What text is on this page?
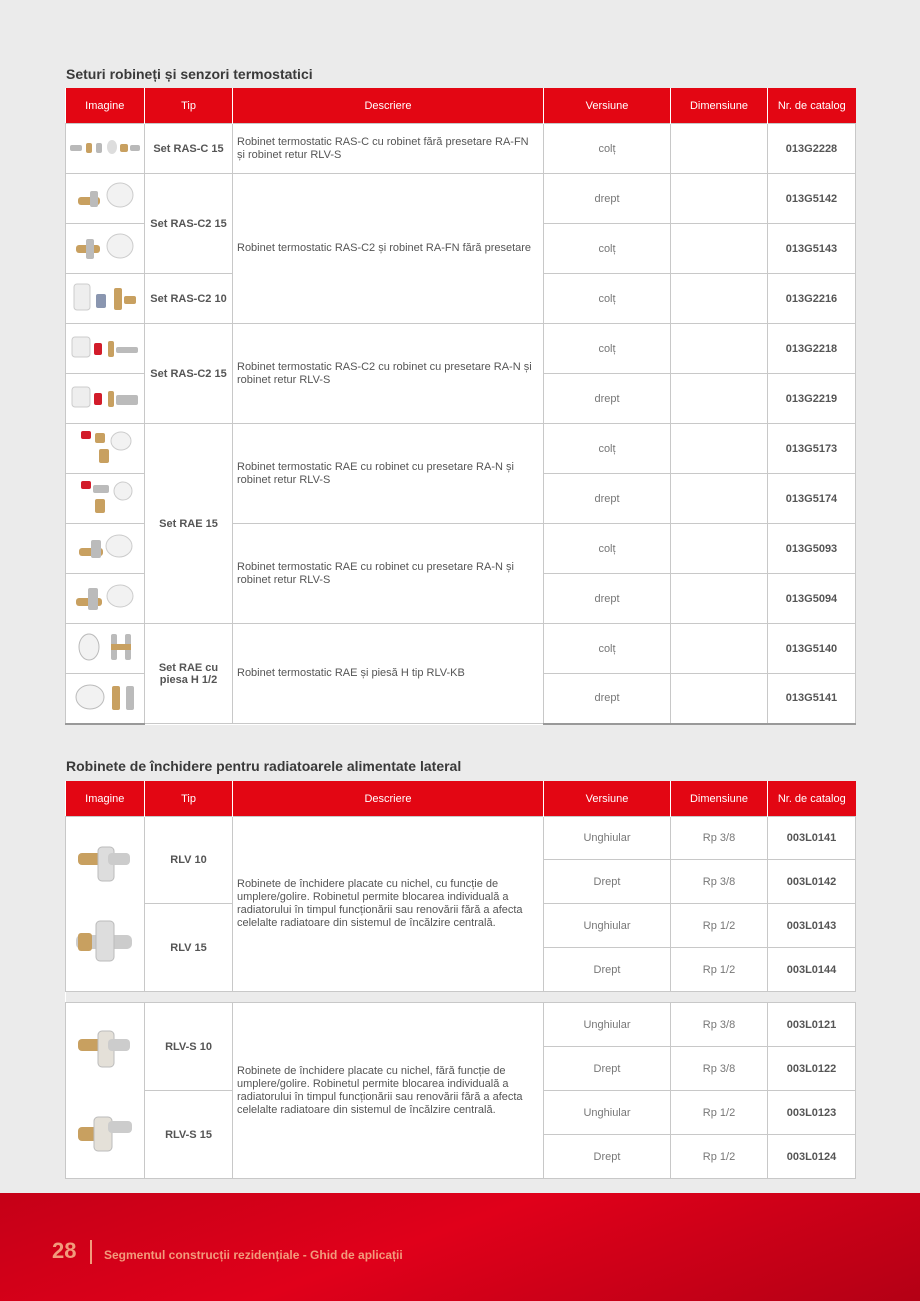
Seturi robineți și senzori termostatici
Imagine	Tip	Descriere	Versiune	Dimensiune	Nr. de catalog
	Set RAS-C 15	Robinet termostatic RAS-C cu robinet fără presetare RA-FN și robinet retur RLV-S	colț		013G2228
	Set RAS-C2 15	Robinet termostatic RAS-C2 și robinet RA-FN fără presetare	drept		013G5142
	colț		013G5143
	Set RAS-C2 10		colț		013G2216
	Set RAS-C2 15	Robinet termostatic RAS-C2 cu robinet cu presetare RA-N și robinet retur RLV-S	colț		013G2218
	drept		013G2219
	Set RAE 15	Robinet termostatic RAE cu robinet cu presetare RA-N și robinet retur RLV-S	colț		013G5173
	drept		013G5174
	Robinet termostatic RAE cu robinet cu presetare RA-N și robinet retur RLV-S	colț		013G5093
	drept		013G5094
	Set RAE cu piesa H 1/2	Robinet termostatic RAE și piesă H tip RLV-KB	colț		013G5140
	drept		013G5141
Robinete de închidere pentru radiatoarele alimentate lateral
Imagine	Tip	Descriere	Versiune	Dimensiune	Nr. de catalog
	RLV 10	Robinete de închidere placate cu nichel, cu funcție de umplere/golire. Robinetul permite blocarea individuală a radiatorului în timpul funcționării sau renovării fără a afecta celelalte radiatoare din sistemul de încălzire centrală.	Unghiular	Rp 3/8	003L0141
			Drept	Rp 3/8	003L0142
	RLV 15		Unghiular	Rp 1/2	003L0143
			Drept	Rp 1/2	003L0144

	RLV-S 10	Robinete de închidere placate cu nichel, fără funcție de umplere/golire. Robinetul permite blocarea individuală a radiatorului în timpul funcționării sau renovării fără a afecta celelalte radiatoare din sistemul de încălzire centrală.	Unghiular	Rp 3/8	003L0121
			Drept	Rp 3/8	003L0122
	RLV-S 15		Unghiular	Rp 1/2	003L0123
			Drept	Rp 1/2	003L0124
28 Segmentul construcții rezidențiale - Ghid de aplicații
